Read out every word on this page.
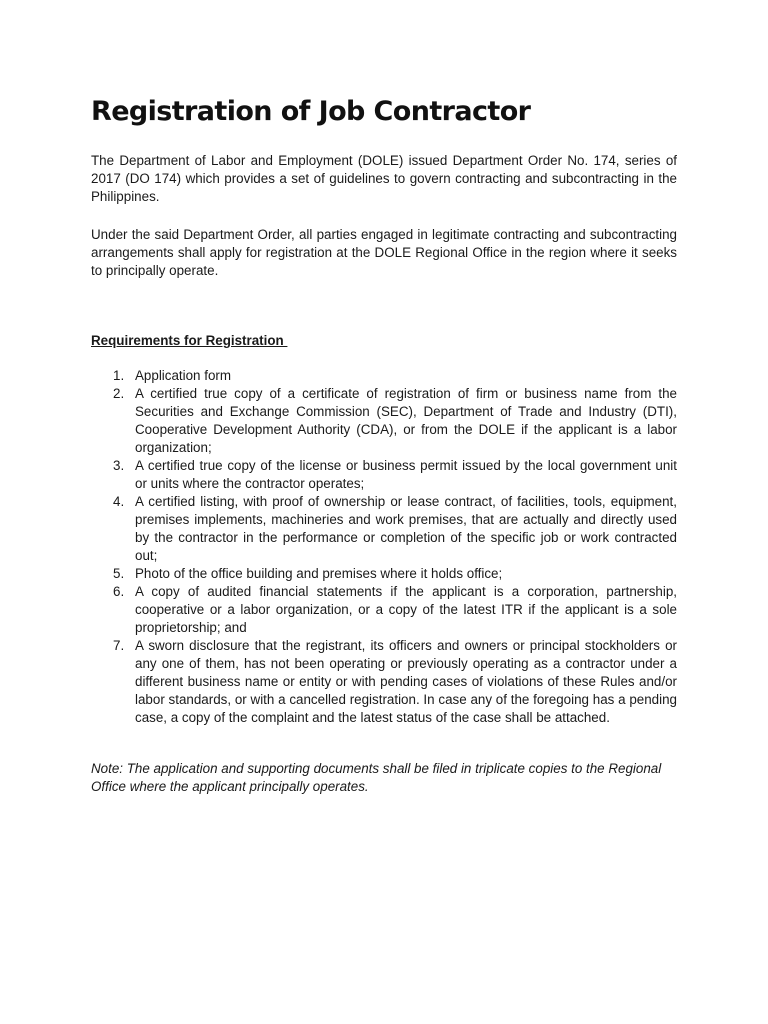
Registration of Job Contractor

The Department of Labor and Employment (DOLE) issued Department Order No. 174, series of 2017 (DO 174) which provides a set of guidelines to govern contracting and subcontracting in the Philippines.

Under the said Department Order, all parties engaged in legitimate contracting and subcontracting arrangements shall apply for registration at the DOLE Regional Office in the region where it seeks to principally operate.

Requirements for Registration

1. Application form
2. A certified true copy of a certificate of registration of firm or business name from the Securities and Exchange Commission (SEC), Department of Trade and Industry (DTI), Cooperative Development Authority (CDA), or from the DOLE if the applicant is a labor organization;
3. A certified true copy of the license or business permit issued by the local government unit or units where the contractor operates;
4. A certified listing, with proof of ownership or lease contract, of facilities, tools, equipment, premises implements, machineries and work premises, that are actually and directly used by the contractor in the performance or completion of the specific job or work contracted out;
5. Photo of the office building and premises where it holds office;
6. A copy of audited financial statements if the applicant is a corporation, partnership, cooperative or a labor organization, or a copy of the latest ITR if the applicant is a sole proprietorship; and
7. A sworn disclosure that the registrant, its officers and owners or principal stockholders or any one of them, has not been operating or previously operating as a contractor under a different business name or entity or with pending cases of violations of these Rules and/or labor standards, or with a cancelled registration. In case any of the foregoing has a pending case, a copy of the complaint and the latest status of the case shall be attached.

Note: The application and supporting documents shall be filed in triplicate copies to the Regional Office where the applicant principally operates.
